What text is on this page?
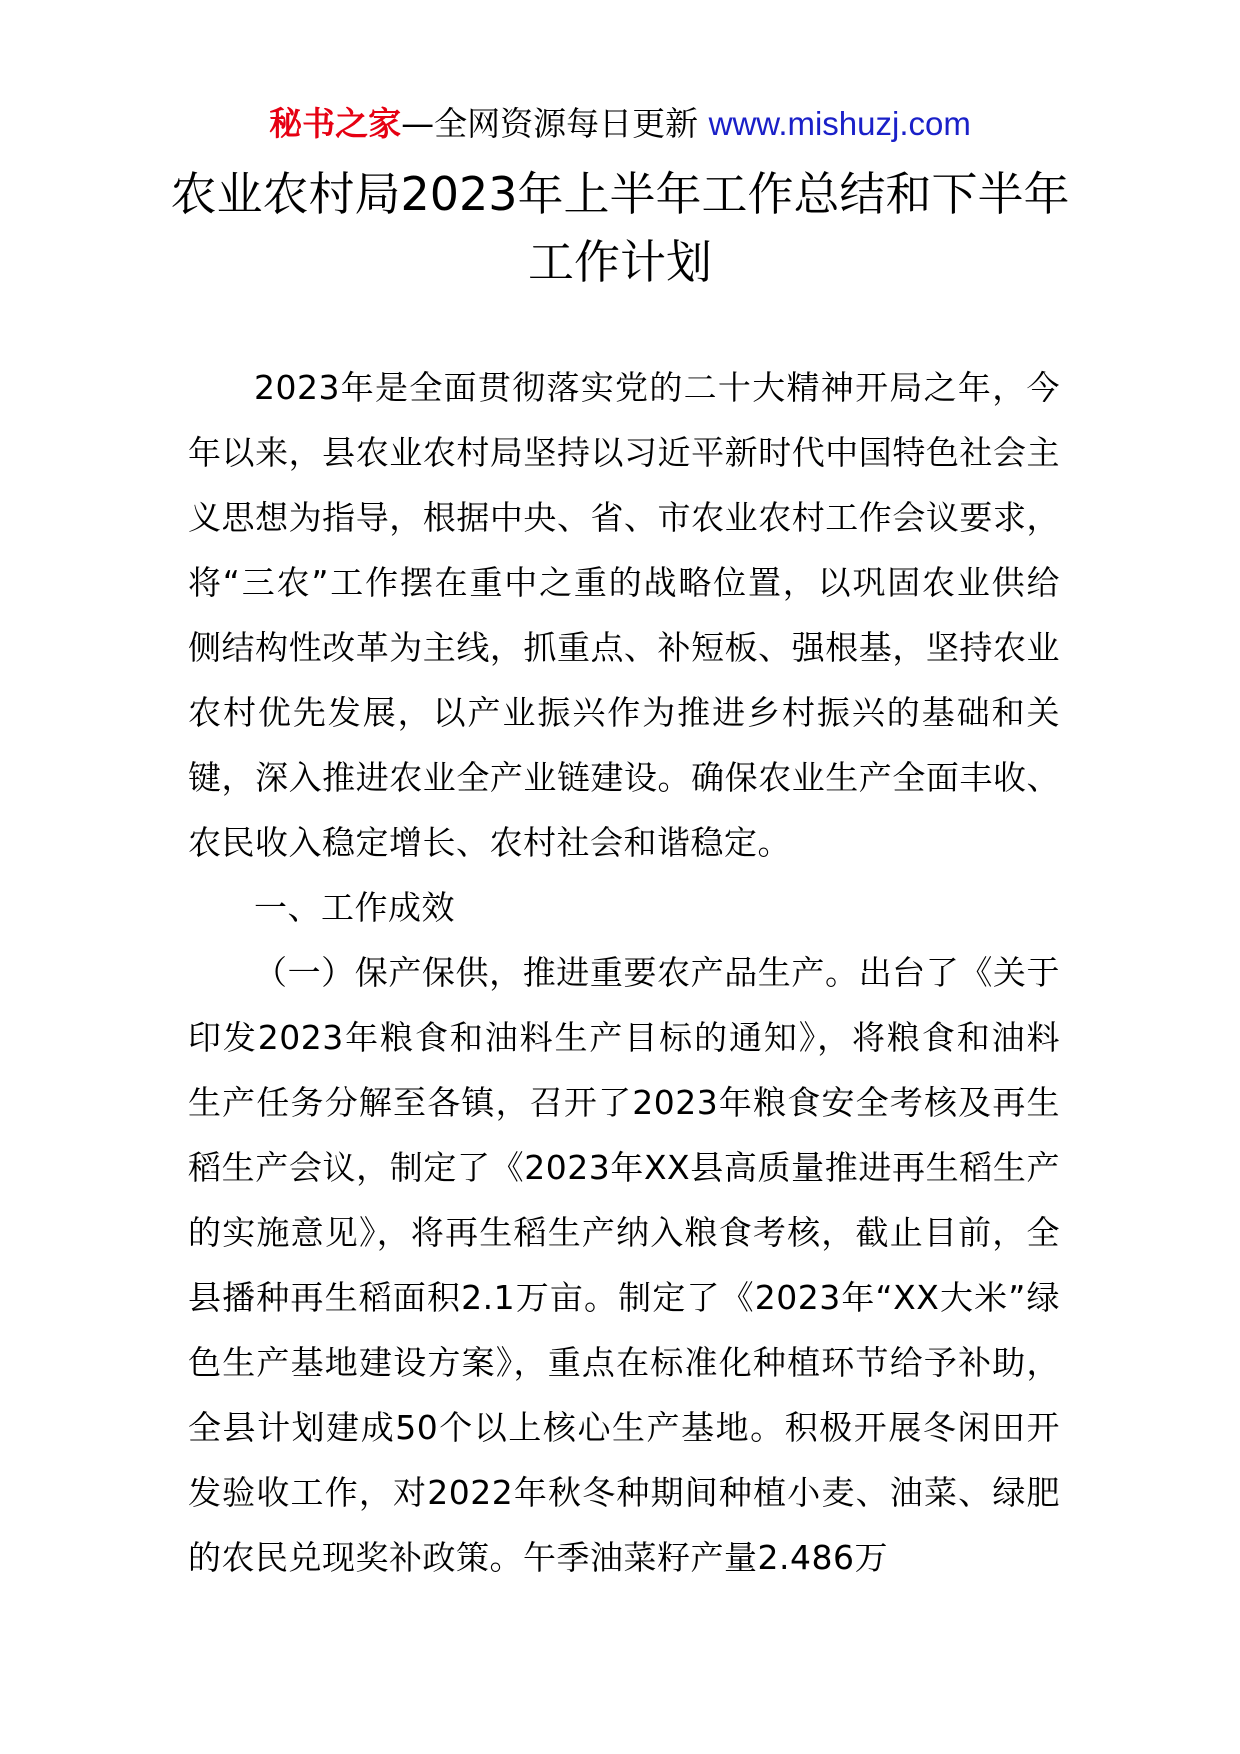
秘书之家—全网资源每日更新 www.mishuzj.com
农业农村局2023年上半年工作总结和下半年工作计划

2023年是全面贯彻落实党的二十大精神开局之年，今年以来，县农业农村局坚持以习近平新时代中国特色社会主义思想为指导，根据中央、省、市农业农村工作会议要求，将“三农”工作摆在重中之重的战略位置，以巩固农业供给侧结构性改革为主线，抓重点、补短板、强根基，坚持农业农村优先发展，以产业振兴作为推进乡村振兴的基础和关键，深入推进农业全产业链建设。确保农业生产全面丰收、农民收入稳定增长、农村社会和谐稳定。

一、工作成效

（一）保产保供，推进重要农产品生产。出台了《关于印发2023年粮食和油料生产目标的通知》，将粮食和油料生产任务分解至各镇，召开了2023年粮食安全考核及再生稻生产会议，制定了《2023年XX县高质量推进再生稻生产的实施意见》，将再生稻生产纳入粮食考核，截止目前，全县播种再生稻面积2.1万亩。制定了《2023年“XX大米”绿色生产基地建设方案》，重点在标准化种植环节给予补助，全县计划建成50个以上核心生产基地。积极开展冬闲田开发验收工作，对2022年秋冬种期间种植小麦、油菜、绿肥的农民兑现奖补政策。午季油菜籽产量2.486万
